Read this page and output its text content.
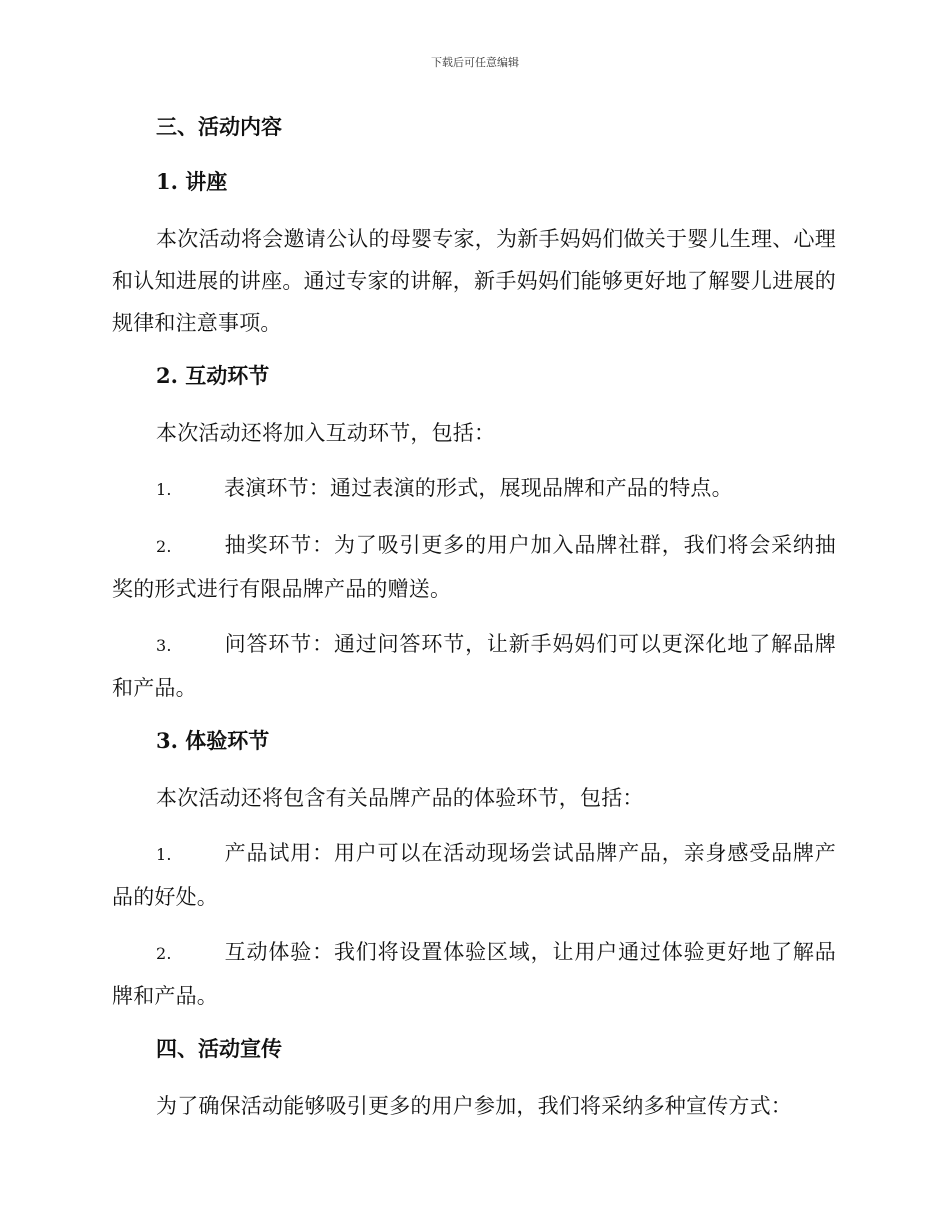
下载后可任意编辑
三、活动内容
1. 讲座
本次活动将会邀请公认的母婴专家，为新手妈妈们做关于婴儿生理、心理和认知进展的讲座。通过专家的讲解，新手妈妈们能够更好地了解婴儿进展的规律和注意事项。
2. 互动环节
本次活动还将加入互动环节，包括：
1. 表演环节：通过表演的形式，展现品牌和产品的特点。
2. 抽奖环节：为了吸引更多的用户加入品牌社群，我们将会采纳抽奖的形式进行有限品牌产品的赠送。
3. 问答环节：通过问答环节，让新手妈妈们可以更深化地了解品牌和产品。
3. 体验环节
本次活动还将包含有关品牌产品的体验环节，包括：
1. 产品试用：用户可以在活动现场尝试品牌产品，亲身感受品牌产品的好处。
2. 互动体验：我们将设置体验区域，让用户通过体验更好地了解品牌和产品。
四、活动宣传
为了确保活动能够吸引更多的用户参加，我们将采纳多种宣传方式：
